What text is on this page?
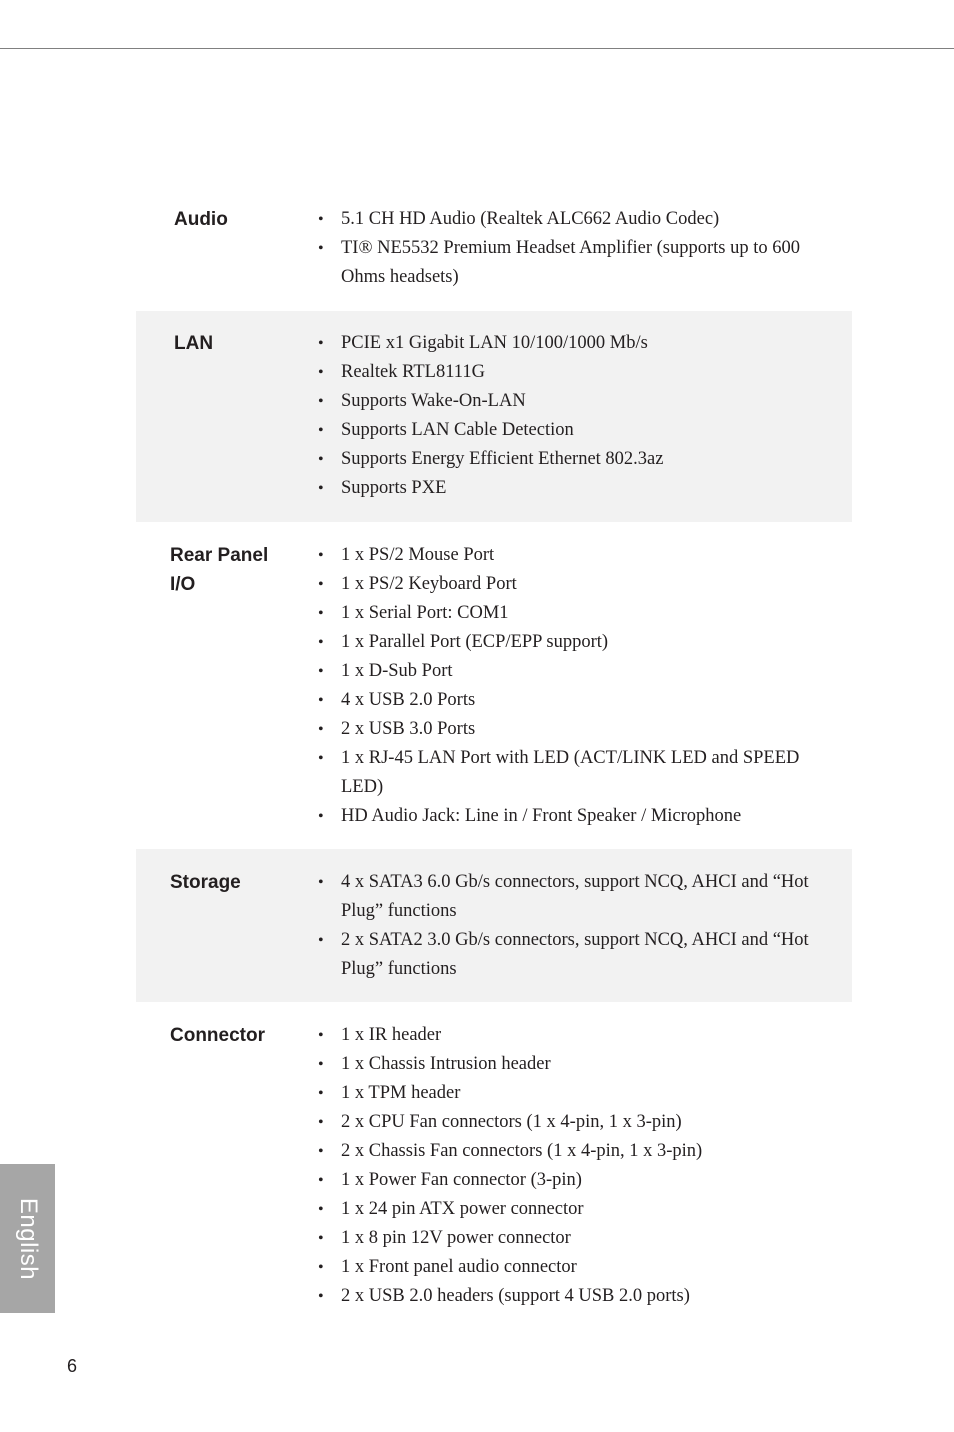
Audio	• 5.1 CH HD Audio (Realtek ALC662 Audio Codec)
• TI® NE5532 Premium Headset Amplifier (supports up to 600 Ohms headsets)
LAN	• PCIE x1 Gigabit LAN 10/100/1000 Mb/s
• Realtek RTL8111G
• Supports Wake-On-LAN
• Supports LAN Cable Detection
• Supports Energy Efficient Ethernet 802.3az
• Supports PXE
Rear Panel I/O
• 1 x PS/2 Mouse Port
• 1 x PS/2 Keyboard Port
• 1 x Serial Port: COM1
• 1 x Parallel Port (ECP/EPP support)
• 1 x D-Sub Port
• 4 x USB 2.0 Ports
• 2 x USB 3.0 Ports
• 1 x RJ-45 LAN Port with LED (ACT/LINK LED and SPEED LED)
• HD Audio Jack: Line in / Front Speaker / Microphone
Storage	• 4 x SATA3 6.0 Gb/s connectors, support NCQ, AHCI and “Hot Plug” functions
• 2 x SATA2 3.0 Gb/s connectors, support NCQ, AHCI and “Hot Plug” functions
Connector	• 1 x IR header
• 1 x Chassis Intrusion header
• 1 x TPM header
• 2 x CPU Fan connectors (1 x 4-pin, 1 x 3-pin)
• 2 x Chassis Fan connectors (1 x 4-pin, 1 x 3-pin)
• 1 x Power Fan connector (3-pin)
• 1 x 24 pin ATX power connector
• 1 x 8 pin 12V power connector
• 1 x Front panel audio connector
• 2 x USB 2.0 headers (support 4 USB 2.0 ports)
English
6
